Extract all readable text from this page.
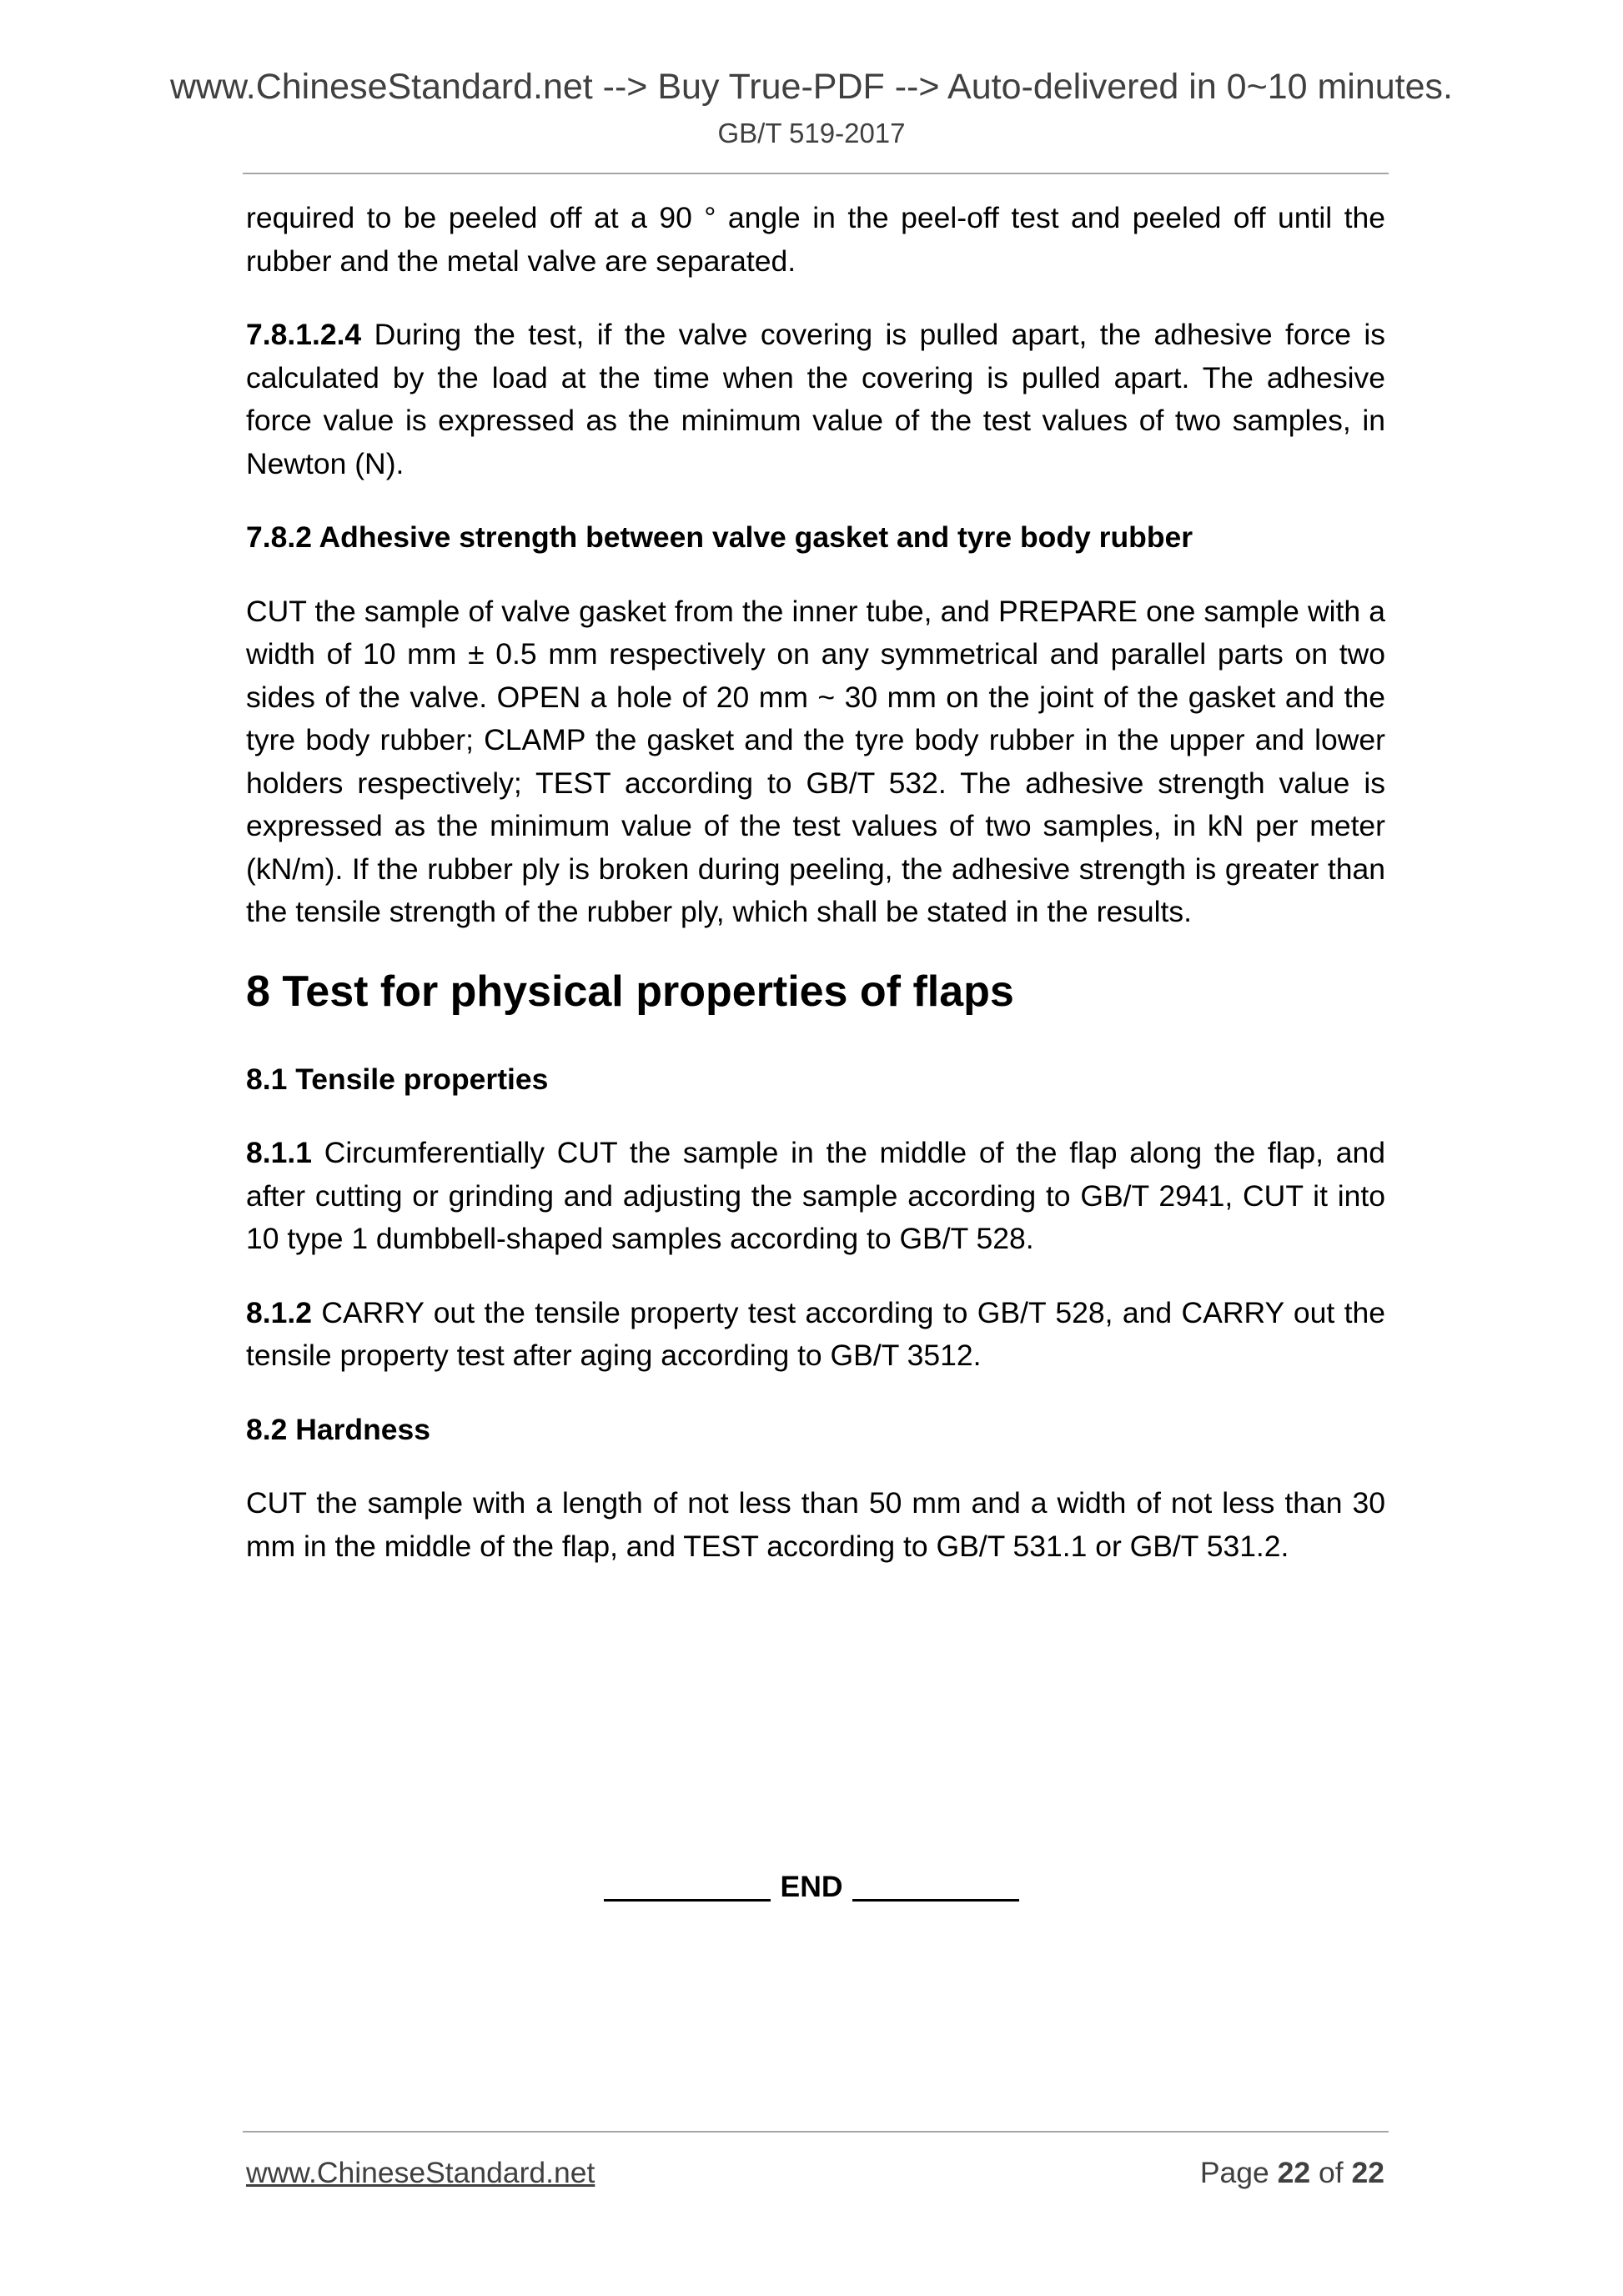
www.ChineseStandard.net --> Buy True-PDF --> Auto-delivered in 0~10 minutes.
GB/T 519-2017

required to be peeled off at a 90 ° angle in the peel-off test and peeled off until the rubber and the metal valve are separated.

7.8.1.2.4 During the test, if the valve covering is pulled apart, the adhesive force is calculated by the load at the time when the covering is pulled apart. The adhesive force value is expressed as the minimum value of the test values of two samples, in Newton (N).

7.8.2 Adhesive strength between valve gasket and tyre body rubber

CUT the sample of valve gasket from the inner tube, and PREPARE one sample with a width of 10 mm ± 0.5 mm respectively on any symmetrical and parallel parts on two sides of the valve. OPEN a hole of 20 mm ~ 30 mm on the joint of the gasket and the tyre body rubber; CLAMP the gasket and the tyre body rubber in the upper and lower holders respectively; TEST according to GB/T 532. The adhesive strength value is expressed as the minimum value of the test values of two samples, in kN per meter (kN/m). If the rubber ply is broken during peeling, the adhesive strength is greater than the tensile strength of the rubber ply, which shall be stated in the results.

8 Test for physical properties of flaps
8.1 Tensile properties

8.1.1 Circumferentially CUT the sample in the middle of the flap along the flap, and after cutting or grinding and adjusting the sample according to GB/T 2941, CUT it into 10 type 1 dumbbell-shaped samples according to GB/T 528.

8.1.2 CARRY out the tensile property test according to GB/T 528, and CARRY out the tensile property test after aging according to GB/T 3512.

8.2 Hardness

CUT the sample with a length of not less than 50 mm and a width of not less than 30 mm in the middle of the flap, and TEST according to GB/T 531.1 or GB/T 531.2.

END
www.ChineseStandard.net	Page 22 of 22
